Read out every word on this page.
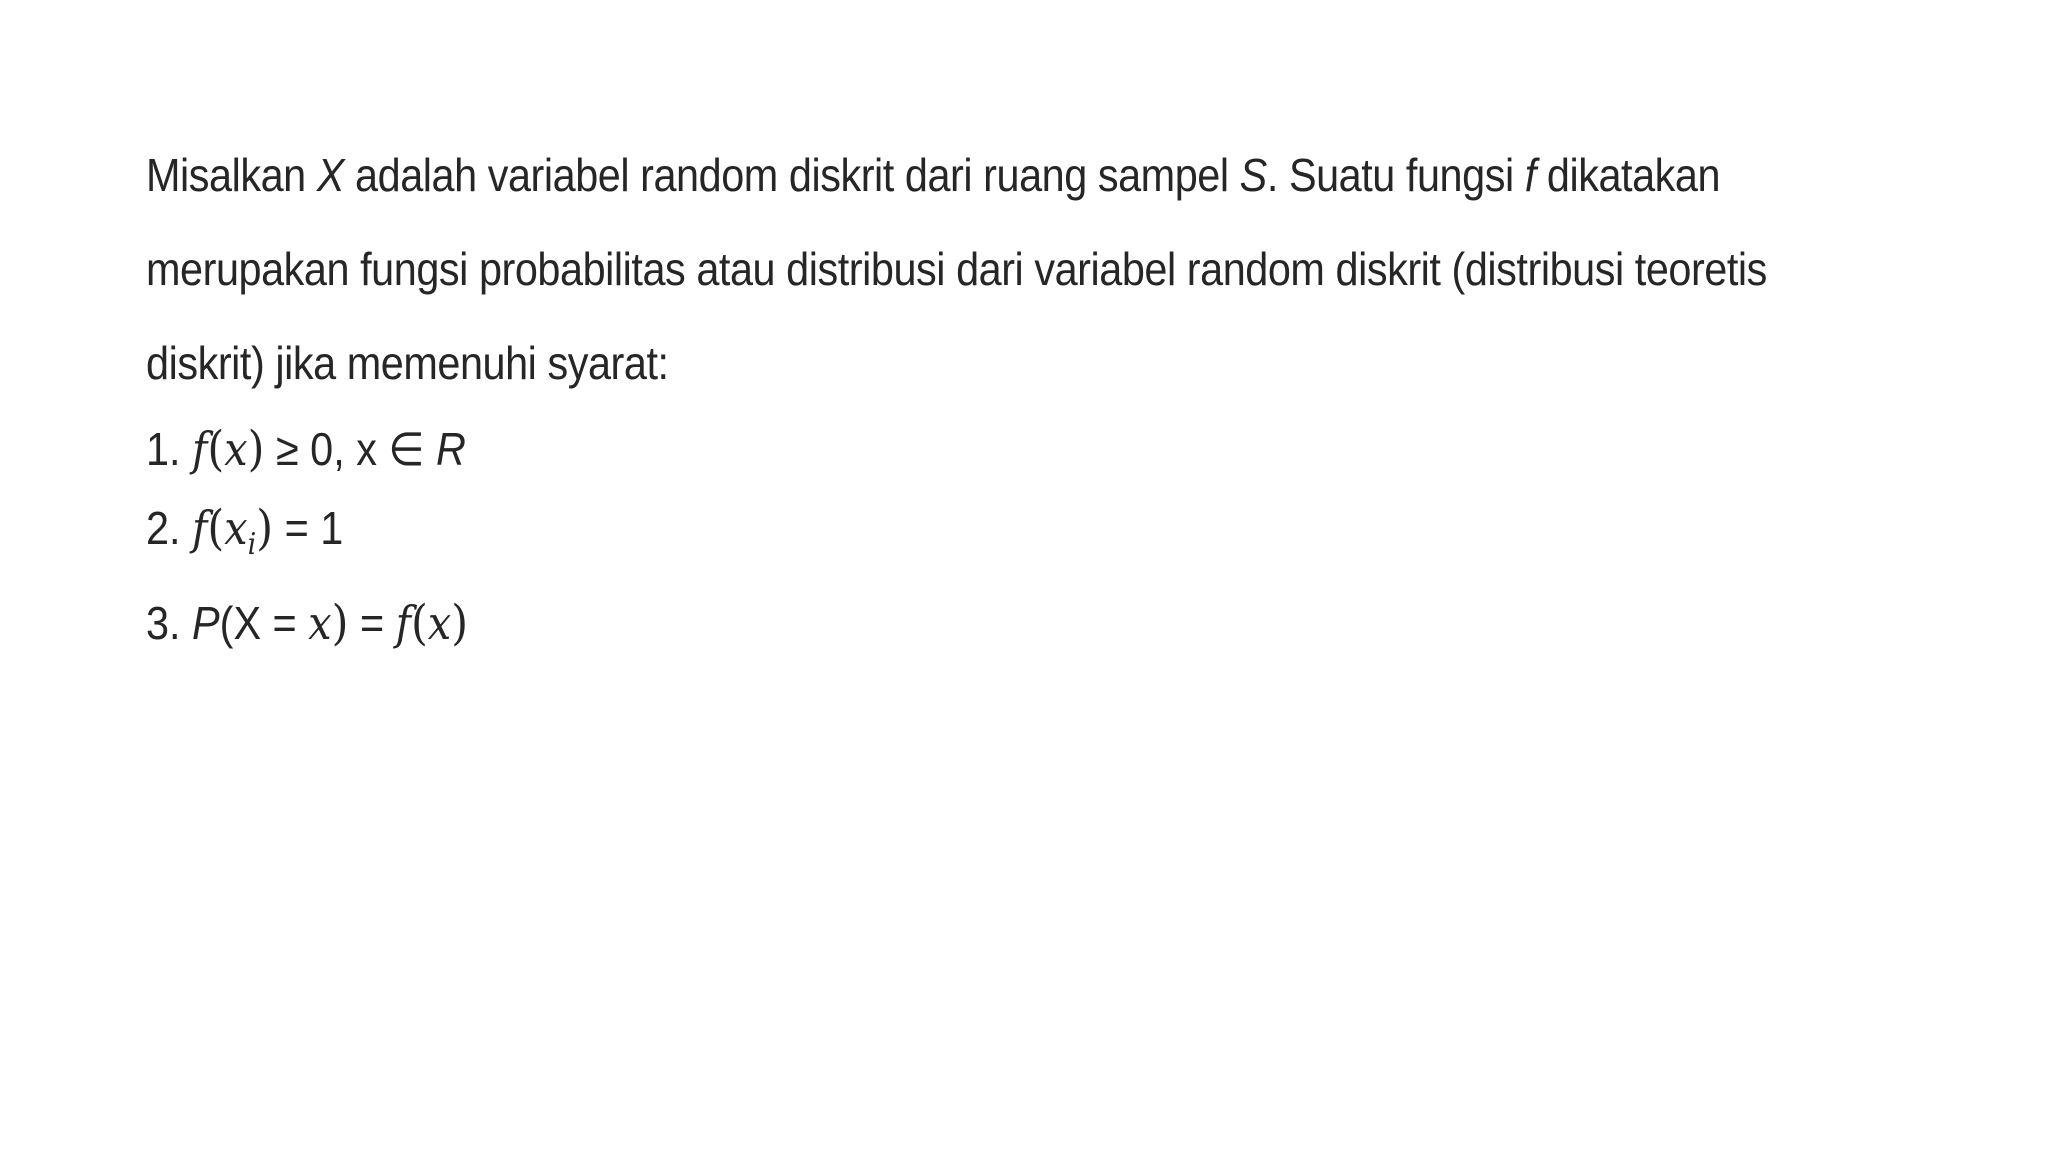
Misalkan X adalah variabel random diskrit dari ruang sampel S. Suatu fungsi f dikatakan
merupakan fungsi probabilitas atau distribusi dari variabel random diskrit (distribusi teoretis
diskrit) jika memenuhi syarat:

1. f(x) ≥ 0, x ∈ R
2. $f(x_i) = 1$
3. P(X = x) = f(x)
